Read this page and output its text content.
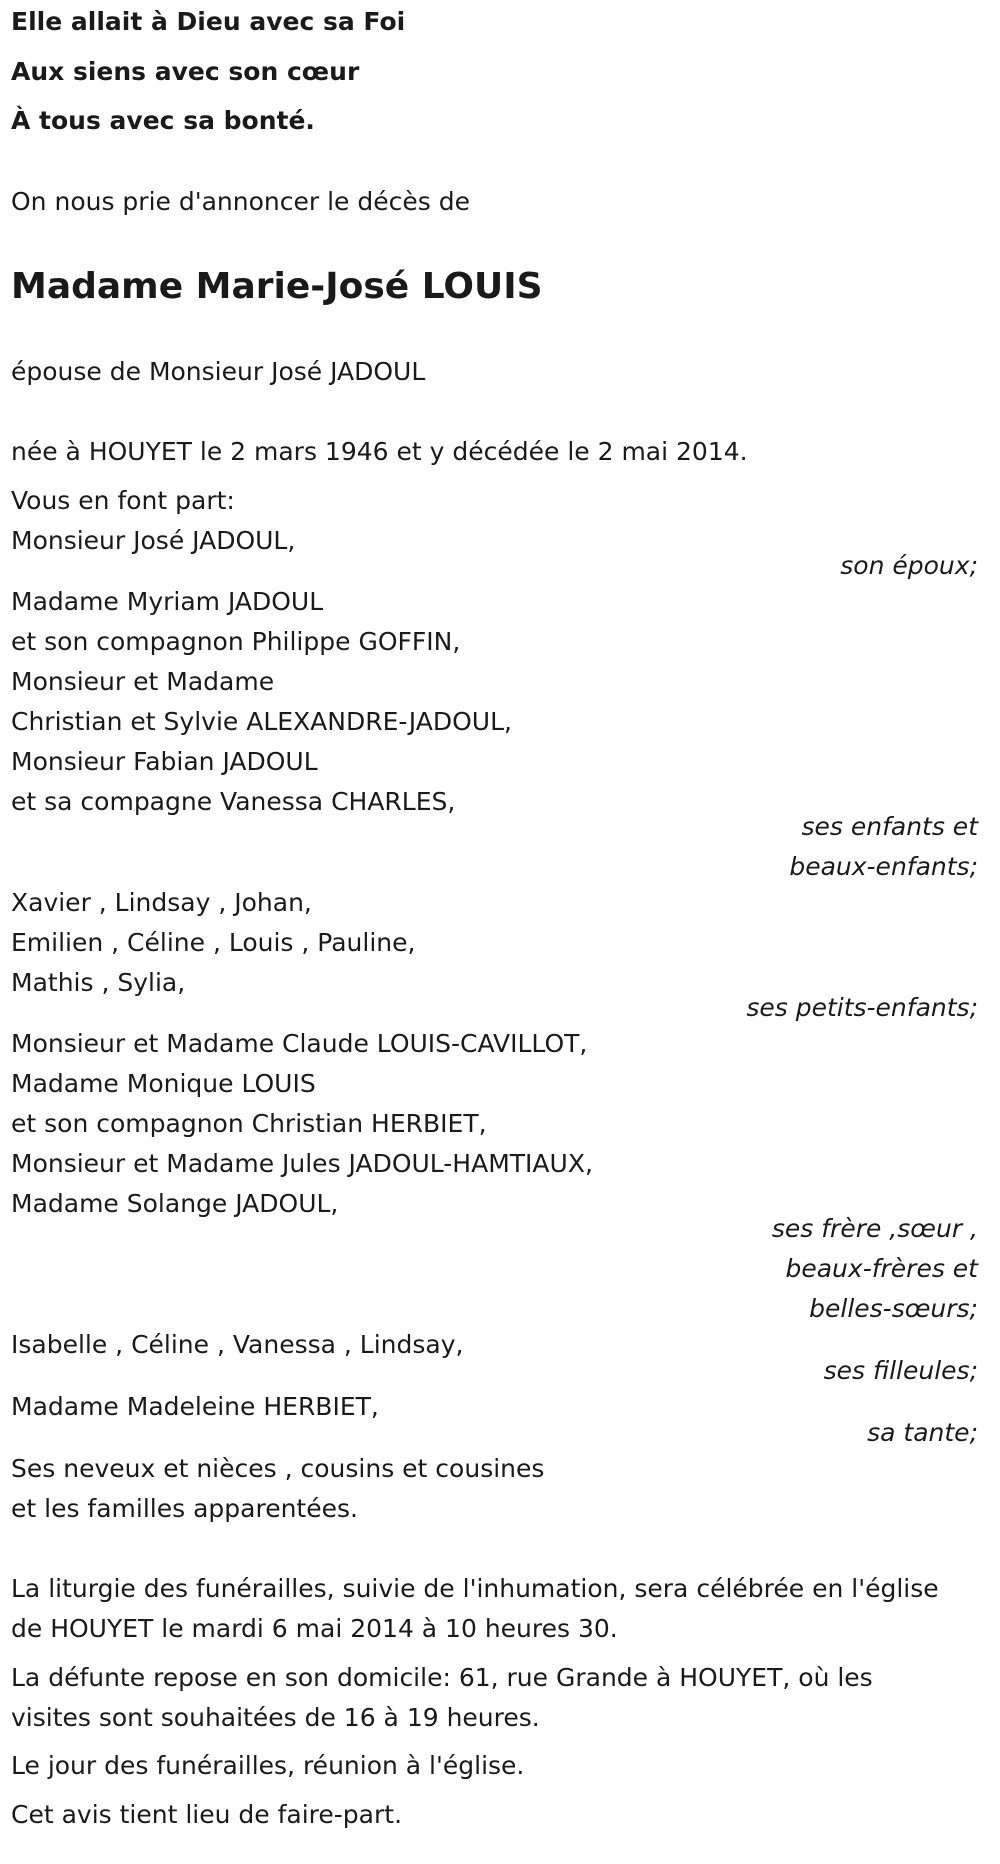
Elle allait à Dieu avec sa Foi
Aux siens avec son cœur
À tous avec sa bonté.
On nous prie d'annoncer le décès de
Madame Marie-José LOUIS
épouse de Monsieur José JADOUL
née à HOUYET le 2 mars 1946 et y décédée le 2 mai 2014.
Vous en font part:
Monsieur José JADOUL,
son époux;
Madame Myriam JADOUL
et son compagnon Philippe GOFFIN,
Monsieur et Madame
Christian et Sylvie ALEXANDRE-JADOUL,
Monsieur Fabian JADOUL
et sa compagne Vanessa CHARLES,
ses enfants et
beaux-enfants;
Xavier , Lindsay , Johan,
Emilien , Céline , Louis , Pauline,
Mathis , Sylia,
ses petits-enfants;
Monsieur et Madame Claude LOUIS-CAVILLOT,
Madame Monique LOUIS
et son compagnon Christian HERBIET,
Monsieur et Madame Jules JADOUL-HAMTIAUX,
Madame Solange JADOUL,
ses frère ,sœur ,
beaux-frères et
belles-sœurs;
Isabelle , Céline , Vanessa , Lindsay,
ses filleules;
Madame Madeleine HERBIET,
sa tante;
Ses neveux et nièces , cousins et cousines
et les familles apparentées.
La liturgie des funérailles, suivie de l'inhumation, sera célébrée en l'église
de HOUYET le mardi 6 mai 2014 à 10 heures 30.
La défunte repose en son domicile: 61, rue Grande à HOUYET, où les
visites sont souhaitées de 16 à 19 heures.
Le jour des funérailles, réunion à l'église.
Cet avis tient lieu de faire-part.
